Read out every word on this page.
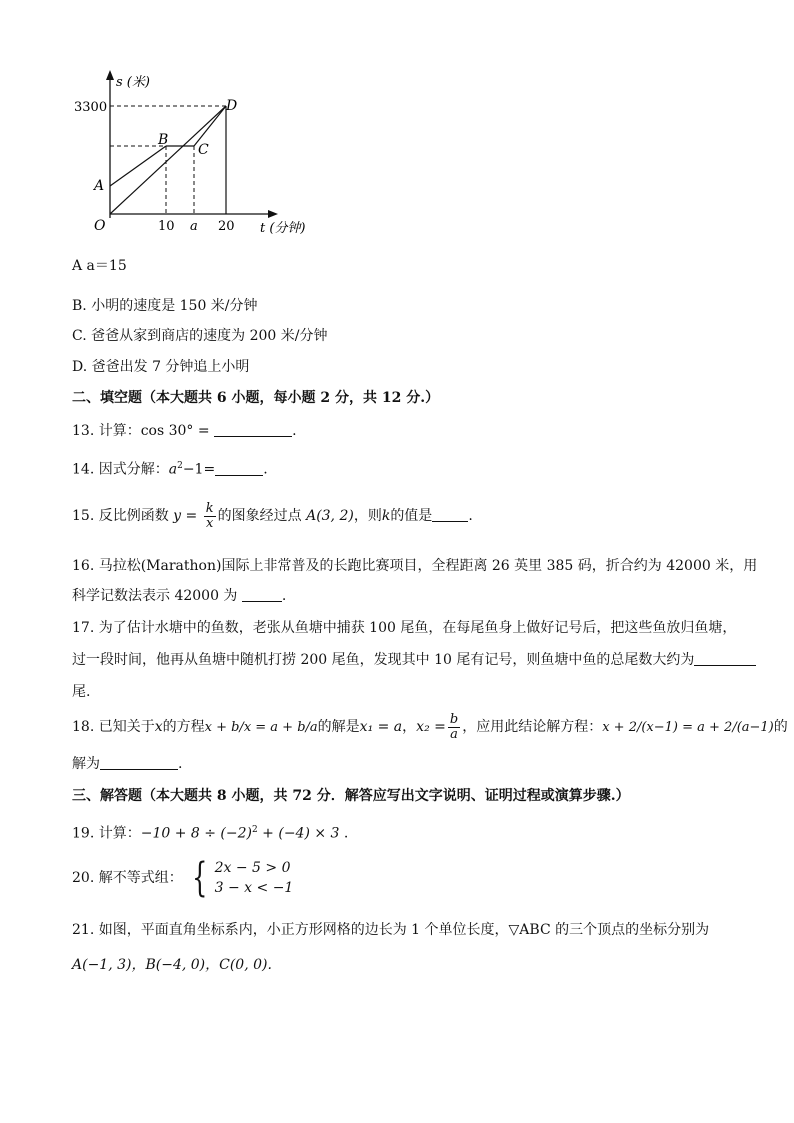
s (米)
3300	D
B
C
A
O	10 a 20 t (分钟)
A a＝15
B. 小明的速度是 150 米/分钟
C. 爸爸从家到商店的速度为 200 米/分钟
D. 爸爸出发 7 分钟追上小明
二、填空题（本大题共 6 小题，每小题 2 分，共 12 分.）
13. 计算：cos 30° =	.
14. 因式分解：$a^2-1=$	.
15. 反比例函数 $y = \frac{k}{x}$ 的图象经过点 A(3, 2)，则k的值是	.
16. 马拉松(Marathon)国际上非常普及的长跑比赛项目，全程距离 26 英里 385 码，折合约为 42000 米，用
科学记数法表示 42000 为	.
17. 为了估计水塘中的鱼数，老张从鱼塘中捕获 100 尾鱼，在每尾鱼身上做好记号后，把这些鱼放归鱼塘，
过一段时间，他再从鱼塘中随机打捞 200 尾鱼，发现其中 10 尾有记号，则鱼塘中鱼的总尾数大约为
尾.
18. 已知关于x的方程x + b/x = a + b/a的解是x₁ = a，$x_2 = \frac{b}{a}$ ，应用此结论解方程：x + 2/(x−1) = a + 2/(a−1)的
解为	.
三、解答题（本大题共 8 小题，共 72 分．解答应写出文字说明、证明过程或演算步骤.）
19. 计算：$-10 + 8 \div (-2)^2 + (-4) \times 3$ .
20. 解不等式组： { 2x − 5 > 0
3 − x < −1
21. 如图，平面直角坐标系内，小正方形网格的边长为 1 个单位长度，▽ABC 的三个顶点的坐标分别为
A(−1, 3)，B(−4, 0)，C(0, 0).
